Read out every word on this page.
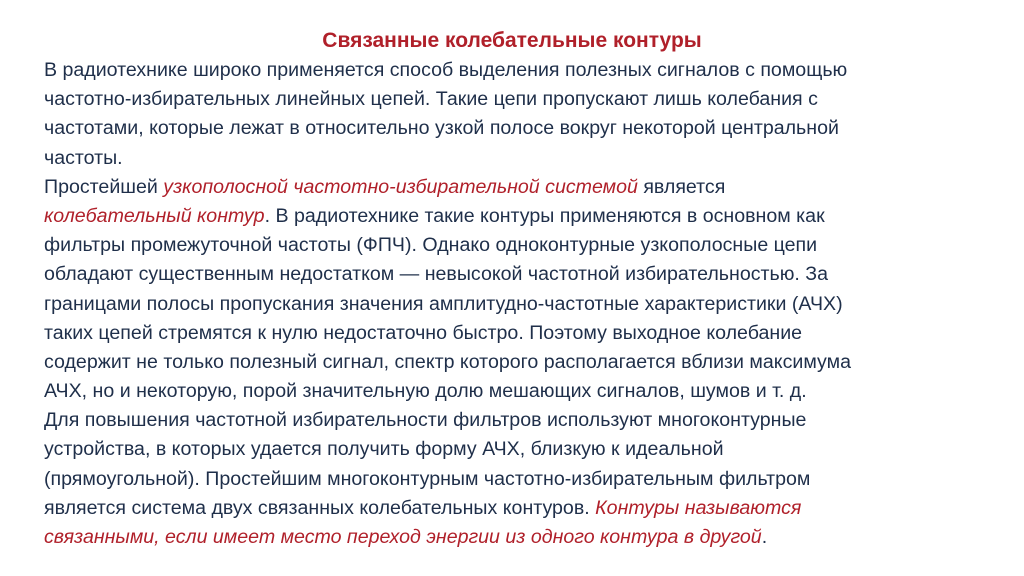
Связанные колебательные контуры
В радиотехнике широко применяется способ выделения полезных сигналов с помощью
частотно-избирательных линейных цепей. Такие цепи пропускают лишь колебания с
частотами, которые лежат в относительно узкой полосе вокруг некоторой центральной
частоты.
Простейшей узкополосной частотно-избирательной системой является
колебательный контур. В радиотехнике такие контуры применяются в основном как
фильтры промежуточной частоты (ФПЧ). Однако одноконтурные узкополосные цепи
обладают существенным недостатком — невысокой частотной избирательностью. За
границами полосы пропускания значения амплитудно-частотные характеристики (АЧХ)
таких цепей стремятся к нулю недостаточно быстро. Поэтому выходное колебание
содержит не только полезный сигнал, спектр которого располагается вблизи максимума
АЧХ, но и некоторую, порой значительную долю мешающих сигналов, шумов и т. д.
Для повышения частотной избирательности фильтров используют многоконтурные
устройства, в которых удается получить форму АЧХ, близкую к идеальной
(прямоугольной). Простейшим многоконтурным частотно-избирательным фильтром
является система двух связанных колебательных контуров. Контуры называются
связанными, если имеет место переход энергии из одного контура в другой.
